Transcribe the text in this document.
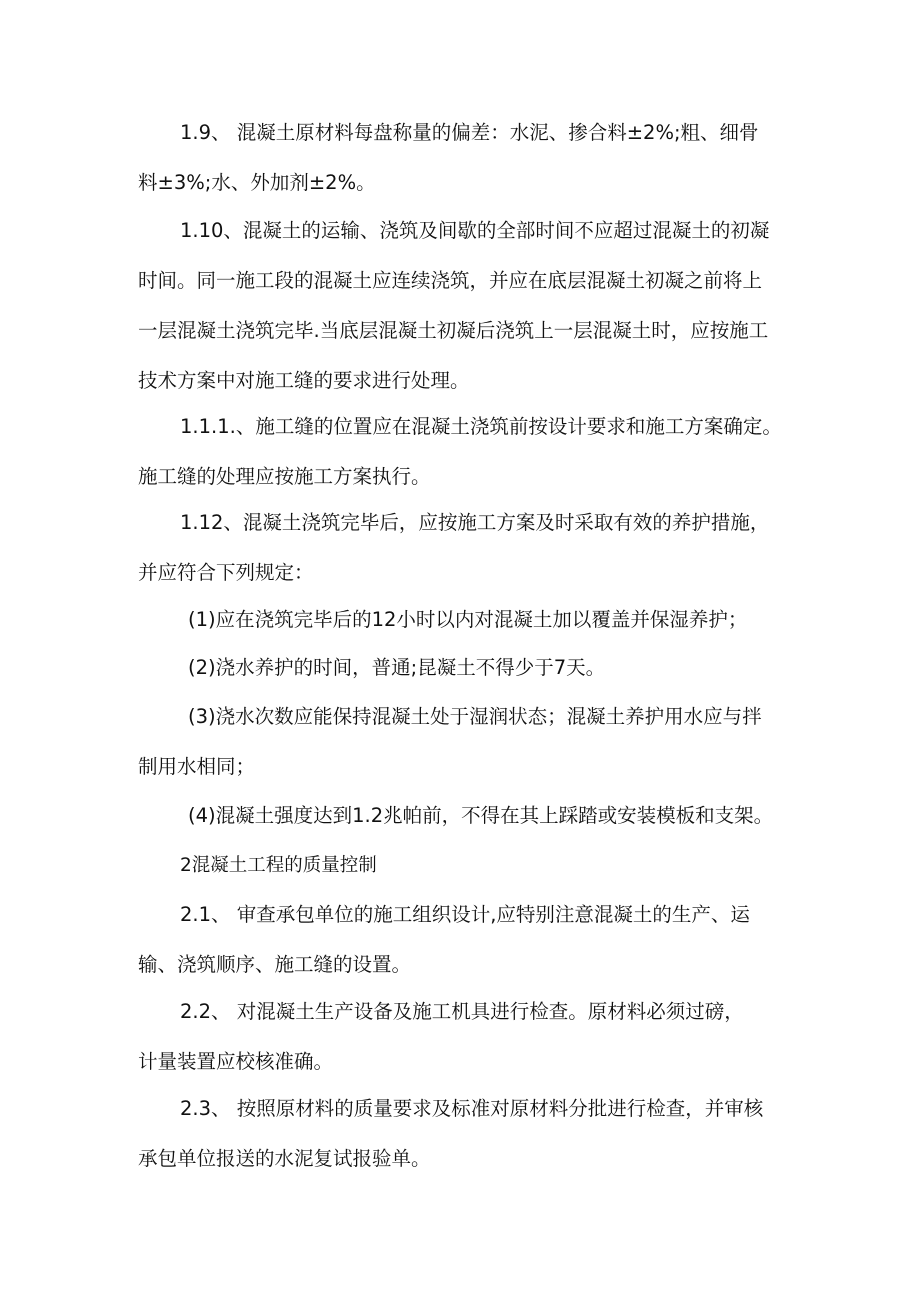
1.9、 混凝土原材料每盘称量的偏差：水泥、掺合料±2%;粗、细骨
料±3%;水、外加剂±2%。
1.10、混凝土的运输、浇筑及间歇的全部时间不应超过混凝土的初凝
时间。同一施工段的混凝土应连续浇筑，并应在底层混凝土初凝之前将上
一层混凝土浇筑完毕.当底层混凝土初凝后浇筑上一层混凝土时，应按施工
技术方案中对施工缝的要求进行处理。
1.1.1.、施工缝的位置应在混凝土浇筑前按设计要求和施工方案确定。
施工缝的处理应按施工方案执行。
1.12、混凝土浇筑完毕后，应按施工方案及时采取有效的养护措施，
并应符合下列规定：
(1)应在浇筑完毕后的12小时以内对混凝土加以覆盖并保湿养护；
(2)浇水养护的时间，普通;昆凝土不得少于7天。
(3)浇水次数应能保持混凝土处于湿润状态；混凝土养护用水应与拌
制用水相同；
(4)混凝土强度达到1.2兆帕前，不得在其上踩踏或安装模板和支架。
2混凝土工程的质量控制
2.1、 审查承包单位的施工组织设计,应特别注意混凝土的生产、运
输、浇筑顺序、施工缝的设置。
2.2、 对混凝土生产设备及施工机具进行检查。原材料必须过磅，
计量装置应校核准确。
2.3、 按照原材料的质量要求及标准对原材料分批进行检查，并审核
承包单位报送的水泥复试报验单。
